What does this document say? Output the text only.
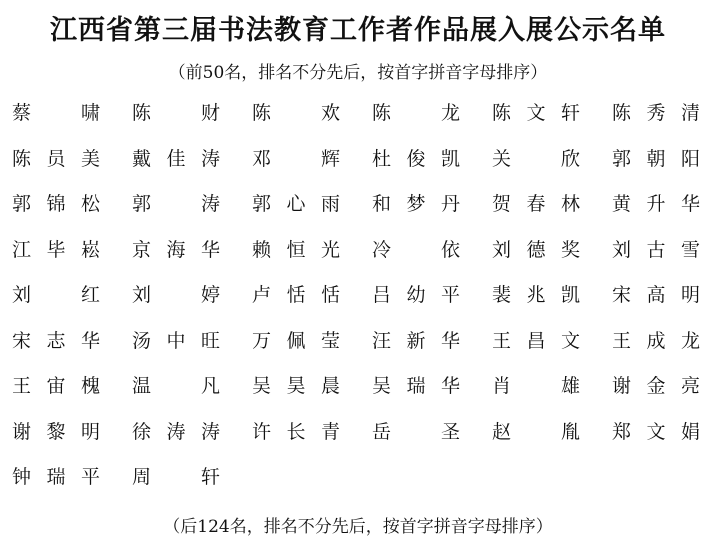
江西省第三届书法教育工作者作品展入展公示名单
（前50名，排名不分先后，按首字拼音字母排序）
蔡	啸 陈	财 陈	欢 陈	龙 陈 文 轩 陈 秀 清
陈 员 美 戴 佳 涛 邓	辉 杜 俊 凯 关	欣 郭 朝 阳
郭 锦 松 郭	涛 郭 心 雨 和 梦 丹 贺 春 林 黄 升 华
江 毕 崧 京 海 华 赖 恒 光 冷	依 刘 德 奖 刘 古 雪
刘	红 刘	婷 卢 恬 恬 吕 幼 平 裴 兆 凯 宋 高 明
宋 志 华 汤 中 旺 万 佩 莹 汪 新 华 王 昌 文 王 成 龙
王 宙 槐 温	凡 吴 昊 晨 吴 瑞 华 肖	雄 谢 金 亮
谢 黎 明 徐 涛 涛 许 长 青 岳	圣 赵	胤 郑 文 娟
钟 瑞 平 周	轩
（后124名，排名不分先后，按首字拼音字母排序）
